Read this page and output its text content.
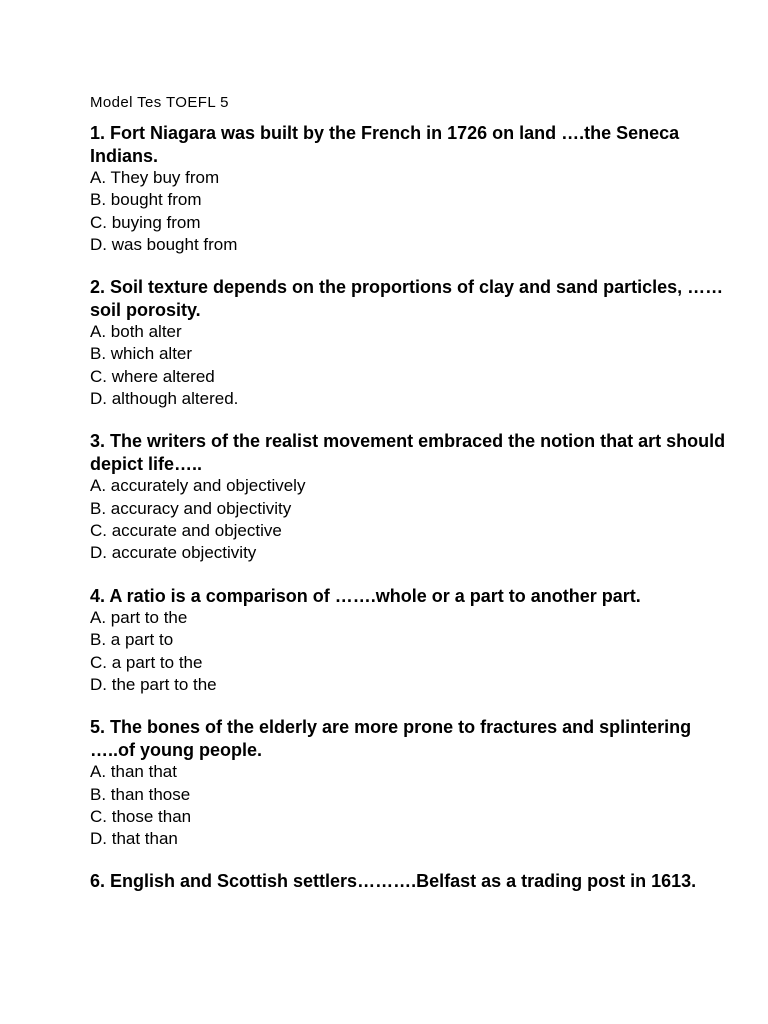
Model Tes TOEFL 5

1. Fort Niagara was built by the French in 1726 on land ….the Seneca Indians.

A. They buy from
B. bought from
C. buying from
D. was bought from

2. Soil texture depends on the proportions of clay and sand particles, ……soil porosity.

A. both alter
B. which alter
C. where altered
D. although altered.

3. The writers of the realist movement embraced the notion that art should depict life…..

A. accurately and objectively
B. accuracy and objectivity
C. accurate and objective
D. accurate objectivity

4. A ratio is a comparison of …….whole or a part to another part.

A. part to the
B. a part to
C. a part to the
D. the part to the

5. The bones of the elderly are more prone to fractures and splintering …..of young people.

A. than that
B. than those
C. those than
D. that than

6. English and Scottish settlers……….Belfast as a trading post in 1613.
